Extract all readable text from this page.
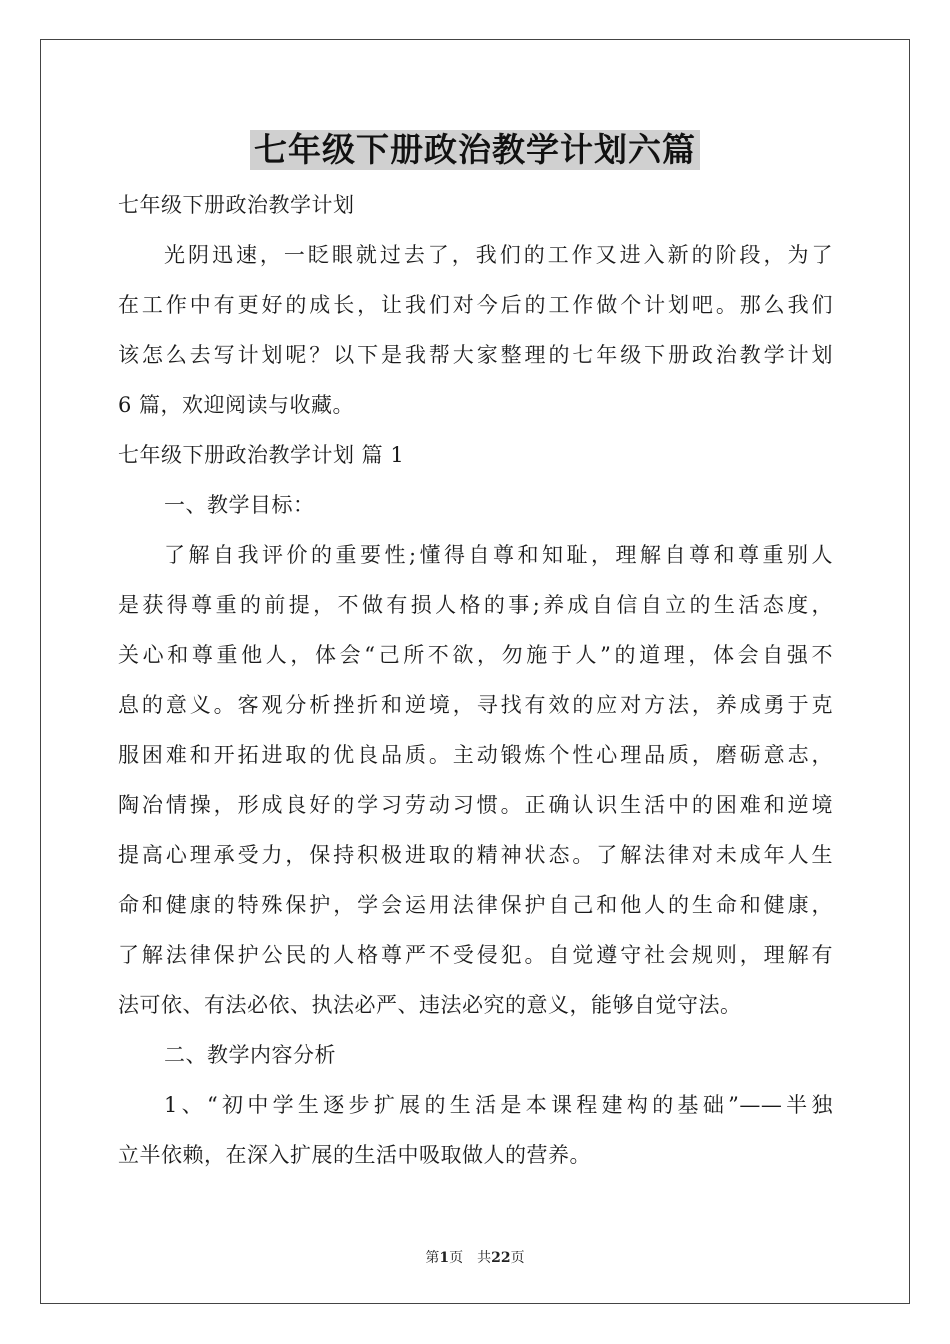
七年级下册政治教学计划六篇
七年级下册政治教学计划
光阴迅速，一眨眼就过去了，我们的工作又进入新的阶段，为了
在工作中有更好的成长，让我们对今后的工作做个计划吧。那么我们
该怎么去写计划呢？以下是我帮大家整理的七年级下册政治教学计划
6 篇，欢迎阅读与收藏。
七年级下册政治教学计划 篇 1
一、教学目标：
了解自我评价的重要性;懂得自尊和知耻，理解自尊和尊重别人
是获得尊重的前提，不做有损人格的事;养成自信自立的生活态度，
关心和尊重他人，体会“己所不欲，勿施于人”的道理，体会自强不
息的意义。客观分析挫折和逆境，寻找有效的应对方法，养成勇于克
服困难和开拓进取的优良品质。主动锻炼个性心理品质，磨砺意志，
陶冶情操，形成良好的学习劳动习惯。正确认识生活中的困难和逆境
提高心理承受力，保持积极进取的精神状态。了解法律对未成年人生
命和健康的特殊保护，学会运用法律保护自己和他人的生命和健康，
了解法律保护公民的人格尊严不受侵犯。自觉遵守社会规则，理解有
法可依、有法必依、执法必严、违法必究的意义，能够自觉守法。
二、教学内容分析
1、“初中学生逐步扩展的生活是本课程建构的基础”——半独
立半依赖，在深入扩展的生活中吸取做人的营养。
第1页　共22页
